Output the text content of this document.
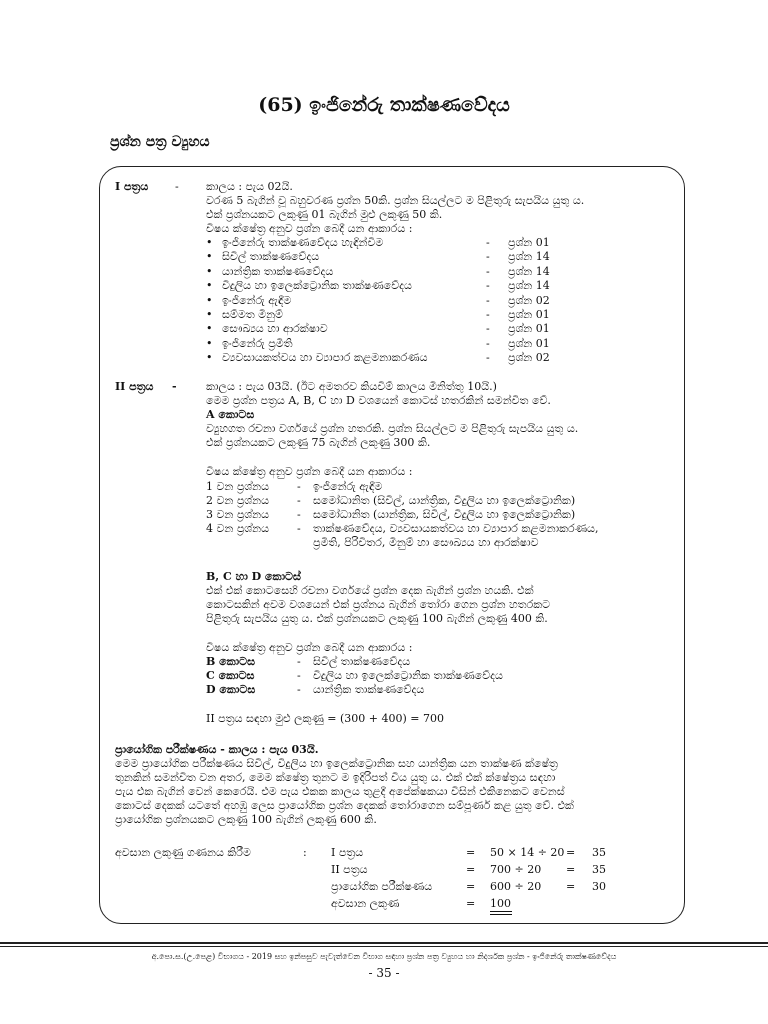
(65) ඉංජිනේරු තාක්ෂණවේදය
ප්‍රශ්න පත්‍ර ව්‍යුහය
I පත්‍රය - කාලය : පැය 02යි.
වරණ 5 බැගින් වූ බහුවරණ ප්‍රශ්න 50කි. ප්‍රශ්න සියල්ලට ම පිළිතුරු සැපයිය යුතු ය.
එක් ප්‍රශ්නයකට ලකුණු 01 බැගින් මුළු ලකුණු 50 කි.
විෂය ක්ෂේත්‍ර අනුව ප්‍රශ්න බෙදී යන ආකාරය :
• ඉංජිනේරු තාක්ෂණවේදය හැඳින්වීම	- ප්‍රශ්න 01
• සිවිල් තාක්ෂණවේදය	- ප්‍රශ්න 14
• යාන්ත්‍රික තාක්ෂණවේදය	- ප්‍රශ්න 14
• විදුලිය හා ඉලෙක්ට්‍රොනික තාක්ෂණවේදය	- ප්‍රශ්න 14
• ඉංජිනේරු ඇඳීම	- ප්‍රශ්න 02
• සම්මත මිනුම්	- ප්‍රශ්න 01
• සෞඛ්‍යය හා ආරක්ෂාව	- ප්‍රශ්න 01
• ඉංජිනේරු ප්‍රමිති	- ප්‍රශ්න 01
• ව්‍යවසායකත්වය හා ව්‍යාපාර කළමනාකරණය	- ප්‍රශ්න 02
II පත්‍රය -	කාලය : පැය 03යි. (ඊට අමතරව කියවීම් කාලය මිනිත්තු 10යි.)
මෙම ප්‍රශ්න පත්‍රය A, B, C හා D වශයෙන් කොටස් හතරකින් සමන්විත වේ.
A කොටස
ව්‍යුහගත රචනා වර්ගයේ ප්‍රශ්න හතරකි. ප්‍රශ්න සියල්ලට ම පිළිතුරු සැපයිය යුතු ය.
එක් ප්‍රශ්නයකට ලකුණු 75 බැගින් ලකුණු 300 කි.
විෂය ක්ෂේත්‍ර අනුව ප්‍රශ්න බෙදී යන ආකාරය :
1 වන ප්‍රශ්නය	- ඉංජිනේරු ඇඳීම
2 වන ප්‍රශ්නය	- සමෝධානිත (සිවිල්, යාන්ත්‍රික, විදුලිය හා ඉලෙක්ට්‍රොනික)
3 වන ප්‍රශ්නය	- සමෝධානිත (යාන්ත්‍රික, සිවිල්, විදුලිය හා ඉලෙක්ට්‍රොනික)
4 වන ප්‍රශ්නය	- තාක්ෂණවේදය, ව්‍යවසායකත්වය හා ව්‍යාපාර කළමනාකරණය,
ප්‍රමිති, පිරිවිතර, මිනුම් හා සෞඛ්‍යය හා ආරක්ෂාව
B, C හා D කොටස්
එක් එක් කොටසෙහි රචනා වර්ගයේ ප්‍රශ්න දෙක බැගින් ප්‍රශ්න හයකි. එක්
කොටසකින් අවම වශයෙන් එක් ප්‍රශ්නය බැගින් තෝරා ගෙන ප්‍රශ්න හතරකට
පිළිතුරු සැපයිය යුතු ය. එක් ප්‍රශ්නයකට ලකුණු 100 බැගින් ලකුණු 400 කි.
විෂය ක්ෂේත්‍ර අනුව ප්‍රශ්න බෙදී යන ආකාරය :
B කොටස	- සිවිල් තාක්ෂණවේදය
C කොටස	- විදුලිය හා ඉලෙක්ට්‍රොනික තාක්ෂණවේදය
D කොටස	- යාන්ත්‍රික තාක්ෂණවේදය
II පත්‍රය සඳහා මුළු ලකුණු = (300 + 400) = 700
ප්‍රායෝගික පරීක්ෂණය - කාලය : පැය 03යි.
මෙම ප්‍රායෝගික පරීක්ෂණය සිවිල්, විදුලිය හා ඉලෙක්ට්‍රොනික සහ යාන්ත්‍රික යන තාක්ෂණ ක්ෂේත්‍ර
තුනකින් සමන්විත වන අතර, මෙම ක්ෂේත්‍ර තුනට ම ඉදිරිපත් විය යුතු ය. එක් එක් ක්ෂේත්‍රය සඳහා
පැය එක බැගින් වෙන් කෙරෙයි. එම පැය එකක කාලය තුළදී අපේක්ෂකයා විසින් එකිනෙකට වෙනස්
කොටස් දෙකක් යටතේ අහඹු ලෙස ප්‍රායෝගික ප්‍රශ්න දෙකක් තෝරාගෙන සම්පූර්ණ කළ යුතු වේ. එක්
ප්‍රායෝගික ප්‍රශ්නයකට ලකුණු 100 බැගින් ලකුණු 600 කි.
අවසාන ලකුණු ගණනය කිරීම	: I පත්‍රය	= 50 × 14 ÷ 20 = 35
II පත්‍රය	= 700 ÷ 20 = 35
ප්‍රායෝගික පරීක්ෂණය	= 600 ÷ 20 = 30
අවසාන ලකුණ	= 100
අ.පො.ස.(උ.පෙළ) විභාගය - 2019 සහ ඉන්පසුව පැවැත්වෙන විභාග සඳහා ප්‍රශ්න පත්‍ර ව්‍යුහය හා නිදර්ශක ප්‍රශ්න - ඉංජිනේරු තාක්ෂණවේදය
- 35 -
